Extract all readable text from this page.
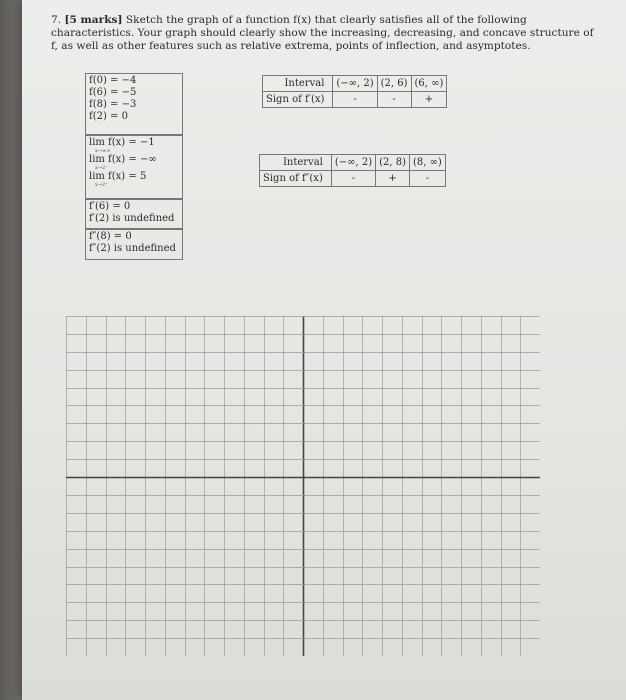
7. [5 marks] Sketch the graph of a function f(x) that clearly satisfies all of the following characteristics. Your graph should clearly show the increasing, decreasing, and concave structure of f, as well as other features such as relative extrema, points of inflection, and asymptotes.
f(0) = −4
f(6) = −5
f(8) = −3
f(2) = 0
lim f(x) = −1
x→±∞
lim f(x) = −∞
x→2⁻
lim f(x) = 5
x→2⁺
f′(6) = 0
f′(2) is undefined
f″(8) = 0
f″(2) is undefined
Interval	(−∞, 2)	(2, 6)	(6, ∞)
Sign of f′(x)	-	-	+
Interval	(−∞, 2)	(2, 8)	(8, ∞)
Sign of f″(x)	-	+	-
